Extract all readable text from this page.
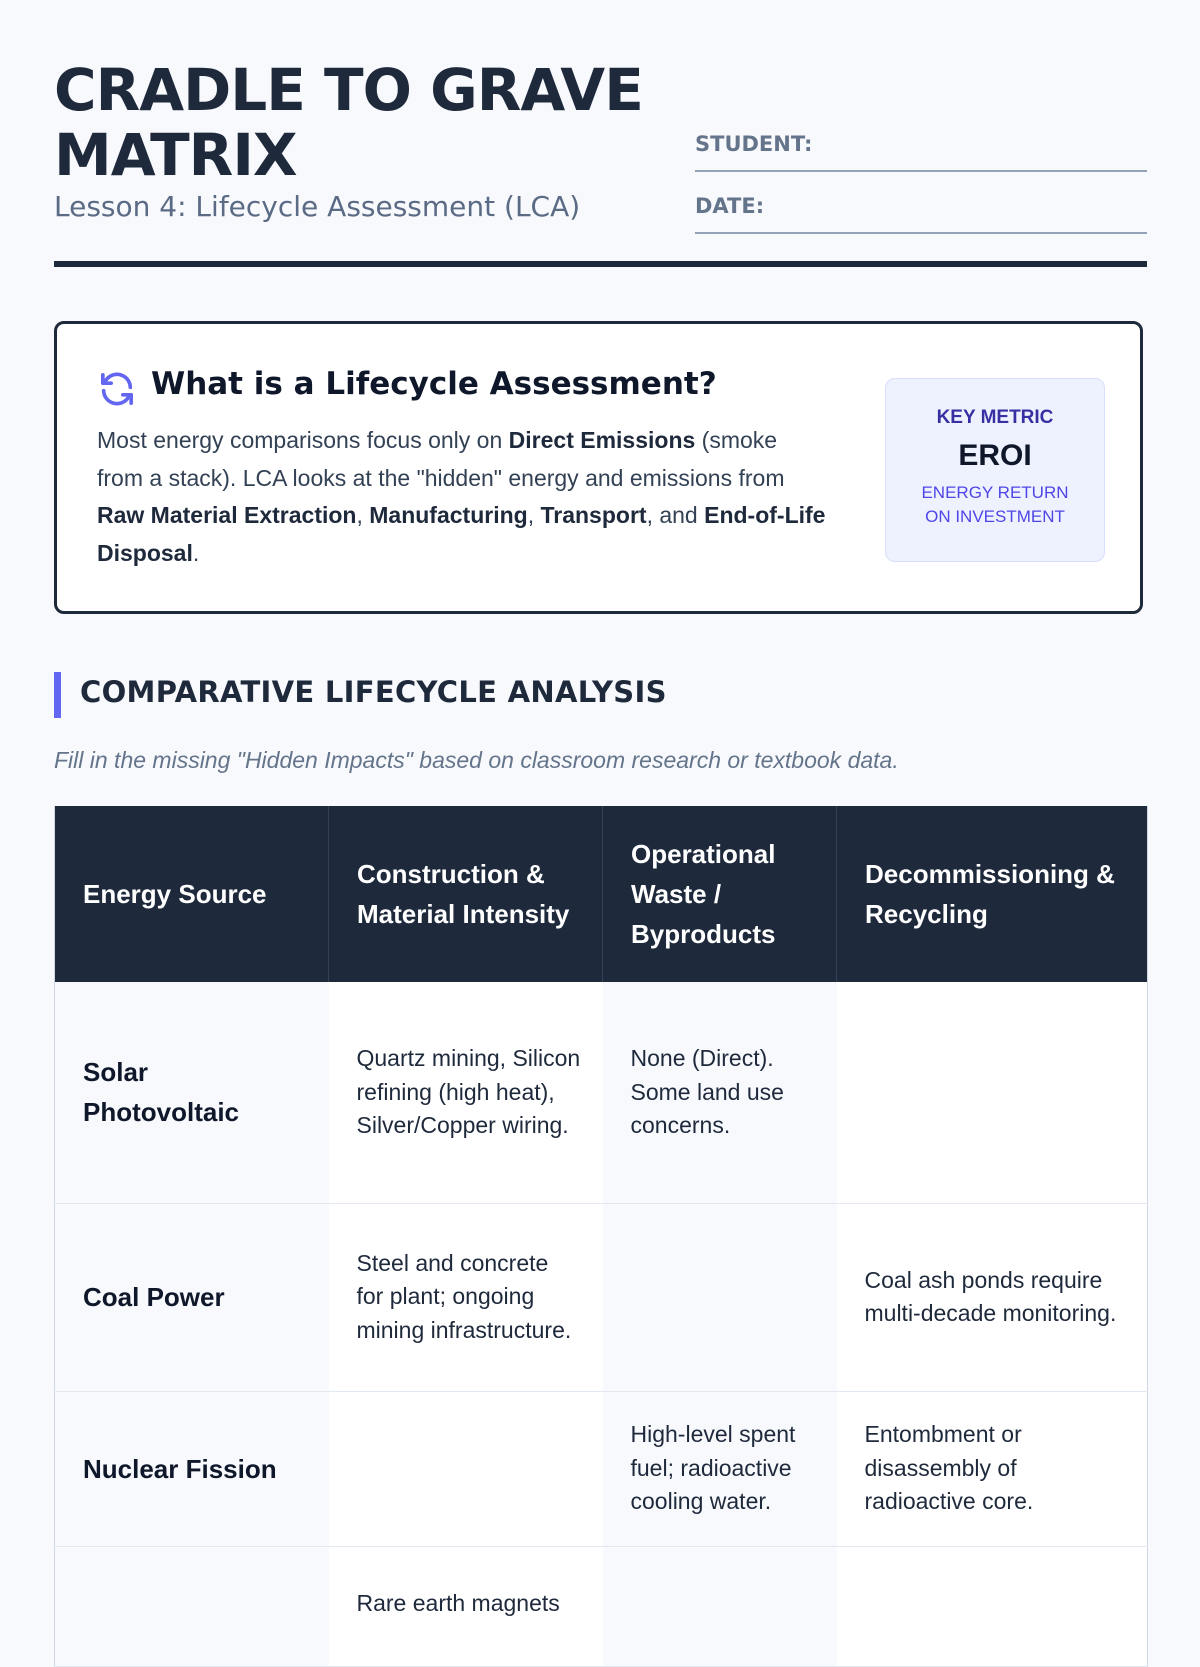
CRADLE TO GRAVE MATRIX
Lesson 4: Lifecycle Assessment (LCA)
STUDENT:
DATE:
What is a Lifecycle Assessment?

Most energy comparisons focus only on Direct Emissions (smoke from a stack). LCA looks at the "hidden" energy and emissions from Raw Material Extraction, Manufacturing, Transport, and End-of-Life Disposal.

KEY METRIC
EROI
ENERGY RETURN ON INVESTMENT
COMPARATIVE LIFECYCLE ANALYSIS
Fill in the missing "Hidden Impacts" based on classroom research or textbook data.
Energy Source	Construction & Material Intensity	Operational Waste / Byproducts	Decommissioning & Recycling
Solar Photovoltaic	Quartz mining, Silicon refining (high heat), Silver/Copper wiring.	None (Direct). Some land use concerns.	
Coal Power	Steel and concrete for plant; ongoing mining infrastructure.		Coal ash ponds require multi-decade monitoring.
Nuclear Fission		High-level spent fuel; radioactive cooling water.	Entombment or disassembly of radioactive core.
	Rare earth magnets		
